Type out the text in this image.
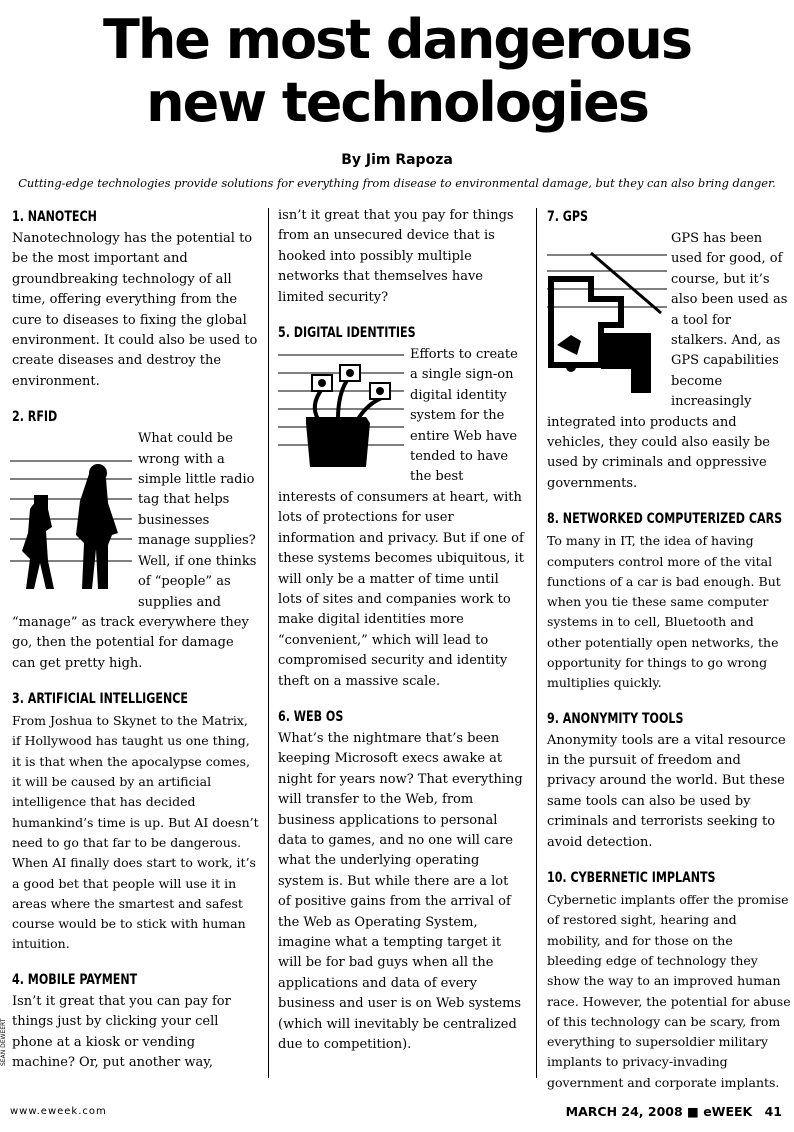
The most dangerous
new technologies
By Jim Rapoza
Cutting-edge technologies provide solutions for everything from disease to environmental damage, but they can also bring danger.
1. NANOTECH

Nanotechnology has the potential to be the most important and groundbreaking technology of all time, offering everything from the cure to diseases to fixing the global environment. It could also be used to create diseases and destroy the environment.

2. RFID

What could be wrong with a simple little radio tag that helps businesses manage supplies? Well, if one thinks of “people” as supplies and “manage” as track everywhere they go, then the potential for damage can get pretty high.

3. ARTIFICIAL INTELLIGENCE

From Joshua to Skynet to the Matrix, if Hollywood has taught us one thing, it is that when the apocalypse comes, it will be caused by an artificial intelligence that has decided humankind’s time is up. But AI doesn’t need to go that far to be dangerous. When AI finally does start to work, it’s a good bet that people will use it in areas where the smartest and safest course would be to stick with human intuition.

4. MOBILE PAYMENT

Isn’t it great that you can pay for things just by clicking your cell phone at a kiosk or vending machine? Or, put another way,

isn’t it great that you pay for things from an unsecured device that is hooked into possibly multiple networks that themselves have limited security?

5. DIGITAL IDENTITIES

Efforts to create a single sign-on digital identity system for the entire Web have tended to have the best interests of consumers at heart, with lots of protections for user information and privacy. But if one of these systems becomes ubiquitous, it will only be a matter of time until lots of sites and companies work to make digital identities more “convenient,” which will lead to compromised security and identity theft on a massive scale.

6. WEB OS

What’s the nightmare that’s been keeping Microsoft execs awake at night for years now? That everything will transfer to the Web, from business applications to personal data to games, and no one will care what the underlying operating system is. But while there are a lot of positive gains from the arrival of the Web as Operating System, imagine what a tempting target it will be for bad guys when all the applications and data of every business and user is on Web systems (which will inevitably be centralized due to competition).

7. GPS

GPS has been used for good, of course, but it’s also been used as a tool for stalkers. And, as GPS capabilities become increasingly integrated into products and vehicles, they could also easily be used by criminals and oppressive governments.

8. NETWORKED COMPUTERIZED CARS

To many in IT, the idea of having computers control more of the vital functions of a car is bad enough. But when you tie these same computer systems in to cell, Bluetooth and other potentially open networks, the opportunity for things to go wrong multiplies quickly.

9. ANONYMITY TOOLS

Anonymity tools are a vital resource in the pursuit of freedom and privacy around the world. But these same tools can also be used by criminals and terrorists seeking to avoid detection.

10. CYBERNETIC IMPLANTS

Cybernetic implants offer the promise of restored sight, hearing and mobility, and for those on the bleeding edge of technology they show the way to an improved human race. However, the potential for abuse of this technology can be scary, from everything to supersoldier military implants to privacy-invading government and corporate implants.

SEAN DEWEERT
www.eweek.com	MARCH 24, 2008 ■ eWEEK 41
